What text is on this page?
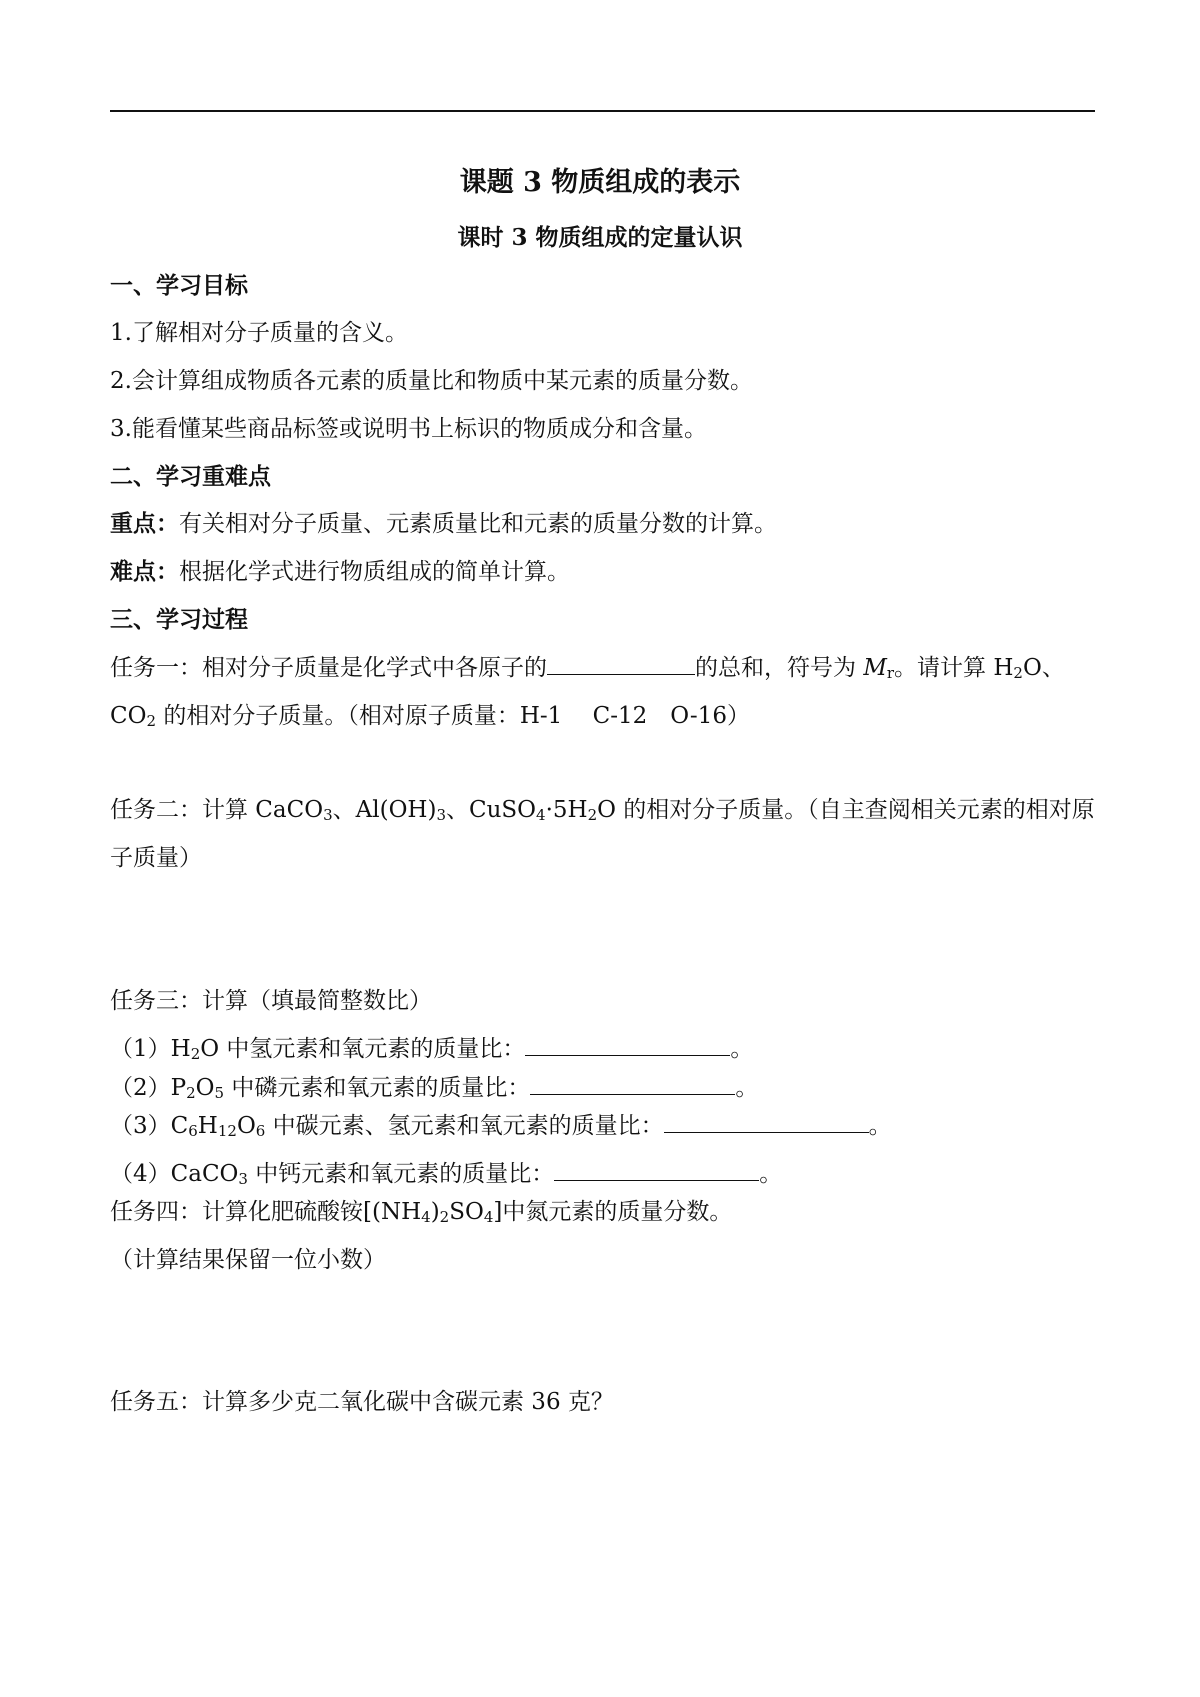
课题 3 物质组成的表示
课时 3 物质组成的定量认识
一、学习目标
1.了解相对分子质量的含义。
2.会计算组成物质各元素的质量比和物质中某元素的质量分数。
3.能看懂某些商品标签或说明书上标识的物质成分和含量。
二、学习重难点
重点：有关相对分子质量、元素质量比和元素的质量分数的计算。
难点：根据化学式进行物质组成的简单计算。
三、学习过程
任务一：相对分子质量是化学式中各原子的	的总和，符号为 $M_r$。请计算 $H_2O$、
$CO_2$ 的相对分子质量。（相对原子质量：H-1　 C-12　O-16）
任务二：计算 CaCO$_3$、$Al(OH)_3$、$CuSO_4\cdot 5H_2O$ 的相对分子质量。（自主查阅相关元素的相对原
子质量）
任务三：计算（填最简整数比）
$(1)H_2O$ 中氢元素和氧元素的质量比：	。
$(2)P_2O_5$ 中磷元素和氧元素的质量比：	。
$(3)C_6H_{12}O_6$ 中碳元素、氢元素和氧元素的质量比：	。
（4）CaCO$_3$ 中钙元素和氧元素的质量比：	。
任务四：计算化肥硫酸铵$[(NH_4)_2SO_4]$中氮元素的质量分数。
（计算结果保留一位小数）
任务五：计算多少克二氧化碳中含碳元素 36 克？
